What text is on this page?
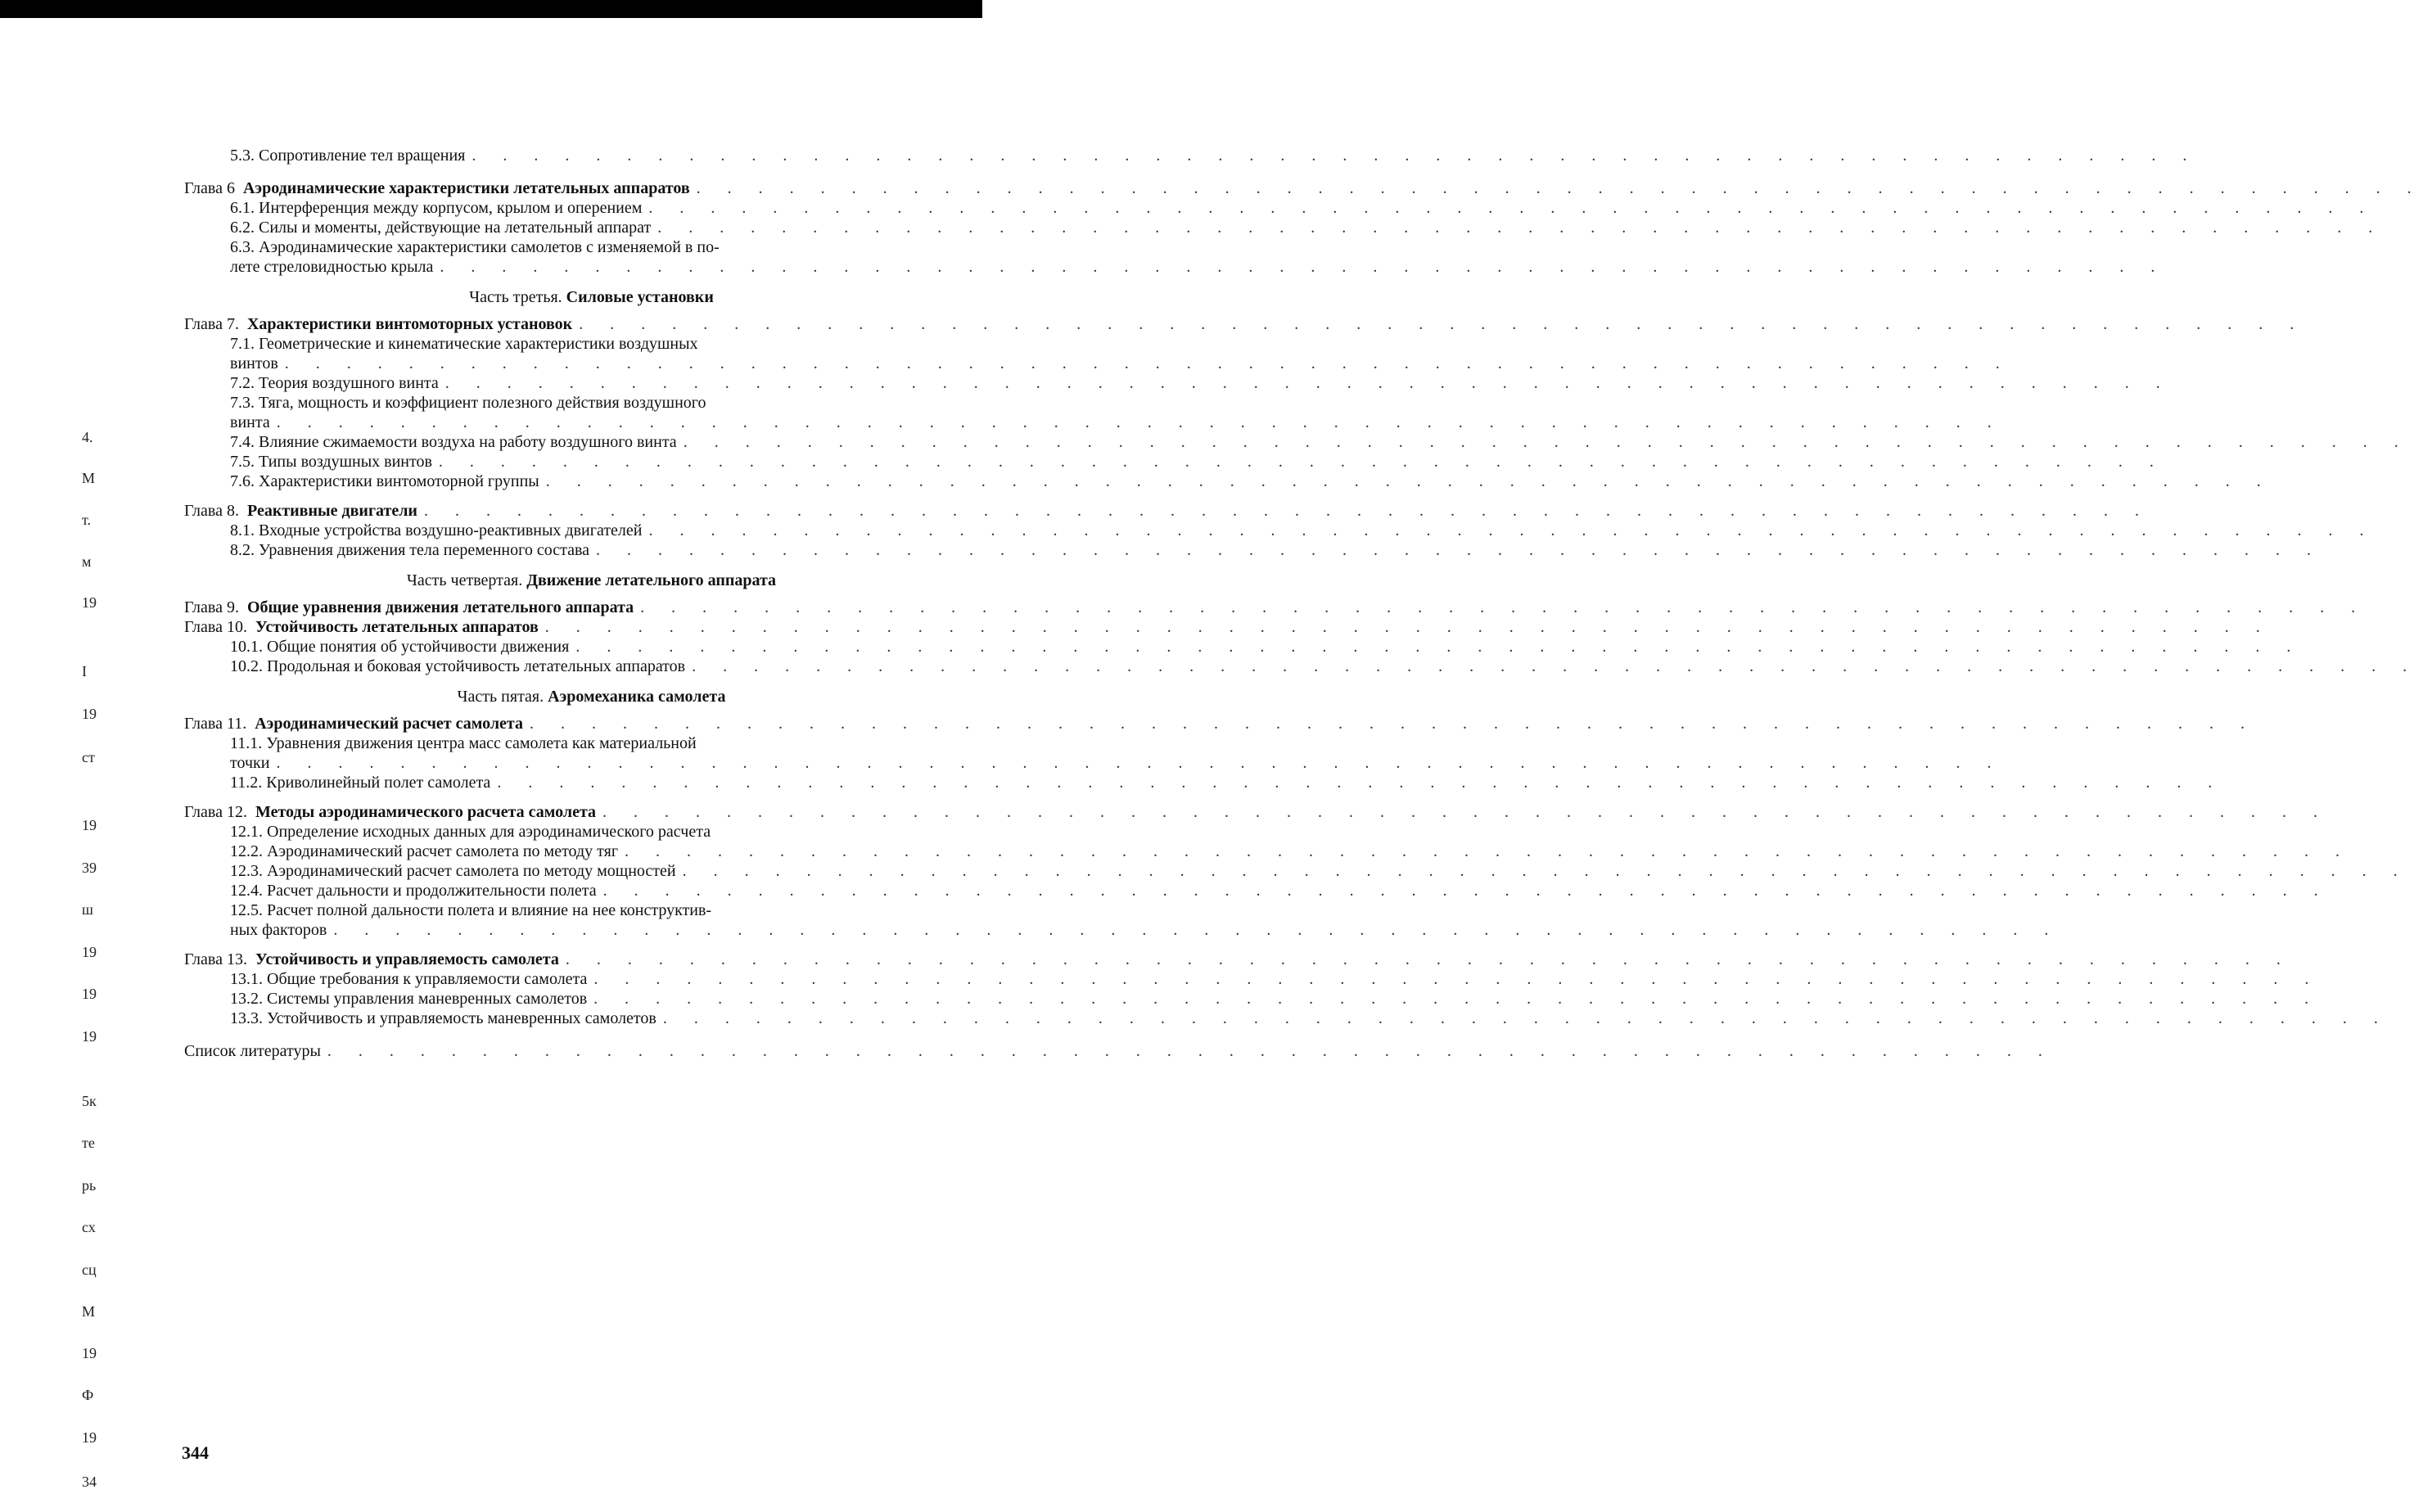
4.
М
т.
м
19
I
19
ст
19
39
ш
19
19
19
5к
те
рь
сх
сц
М
19
Ф
19
34
5.3. Сопротивление тел вращения
. . .
Глава 6 Аэродинамические характеристики летательных аппаратов
. . .
6.1. Интерференция между корпусом, крылом и оперением
. . .
6.2. Силы и моменты, действующие на летательный аппарат
. . .
6.3. Аэродинамические характеристики самолетов с изменяемой в по-
лете стреловидностью крыла
. . .
Часть третья. Силовые установки
Глава 7. Характеристики винтомоторных установок
. . .
7.1. Геометрические и кинематические характеристики воздушных
винтов
. . .
7.2. Теория воздушного винта
. . .
7.3. Тяга, мощность и коэффициент полезного действия воздушного
винта
. . .
7.4. Влияние сжимаемости воздуха на работу воздушного винта
. . .
7.5. Типы воздушных винтов
. . .
7.6. Характеристики винтомоторной группы
. . .
Глава 8. Реактивные двигатели
. . .
8.1. Входные устройства воздушно-реактивных двигателей
. . .
8.2. Уравнения движения тела переменного состава
. . .
Часть четвертая. Движение летательного аппарата
Глава 9. Общие уравнения движения летательного аппарата
. . .
Глава 10. Устойчивость летательных аппаратов
. . .
10.1. Общие понятия об устойчивости движения
. . .
10.2. Продольная и боковая устойчивость летательных аппаратов
. . .
Часть пятая. Аэромеханика самолета
Глава 11. Аэродинамический расчет самолета
. . .
11.1. Уравнения движения центра масс самолета как материальной
точки
. . .
11.2. Криволинейный полет самолета
. . .
Глава 12. Методы аэродинамического расчета самолета
. . .
12.1. Определение исходных данных для аэродинамического расчета
12.2. Аэродинамический расчет самолета по методу тяг
. . .
12.3. Аэродинамический расчет самолета по методу мощностей
. . .
12.4. Расчет дальности и продолжительности полета
. . .
12.5. Расчет полной дальности полета и влияние на нее конструктив-
ных факторов
. . .
Глава 13. Устойчивость и управляемость самолета
. . .
13.1. Общие требования к управляемости самолета
. . .
13.2. Системы управления маневренных самолетов
. . .
13.3. Устойчивость и управляемость маневренных самолетов
. . .
Список литературы
. . .
344
